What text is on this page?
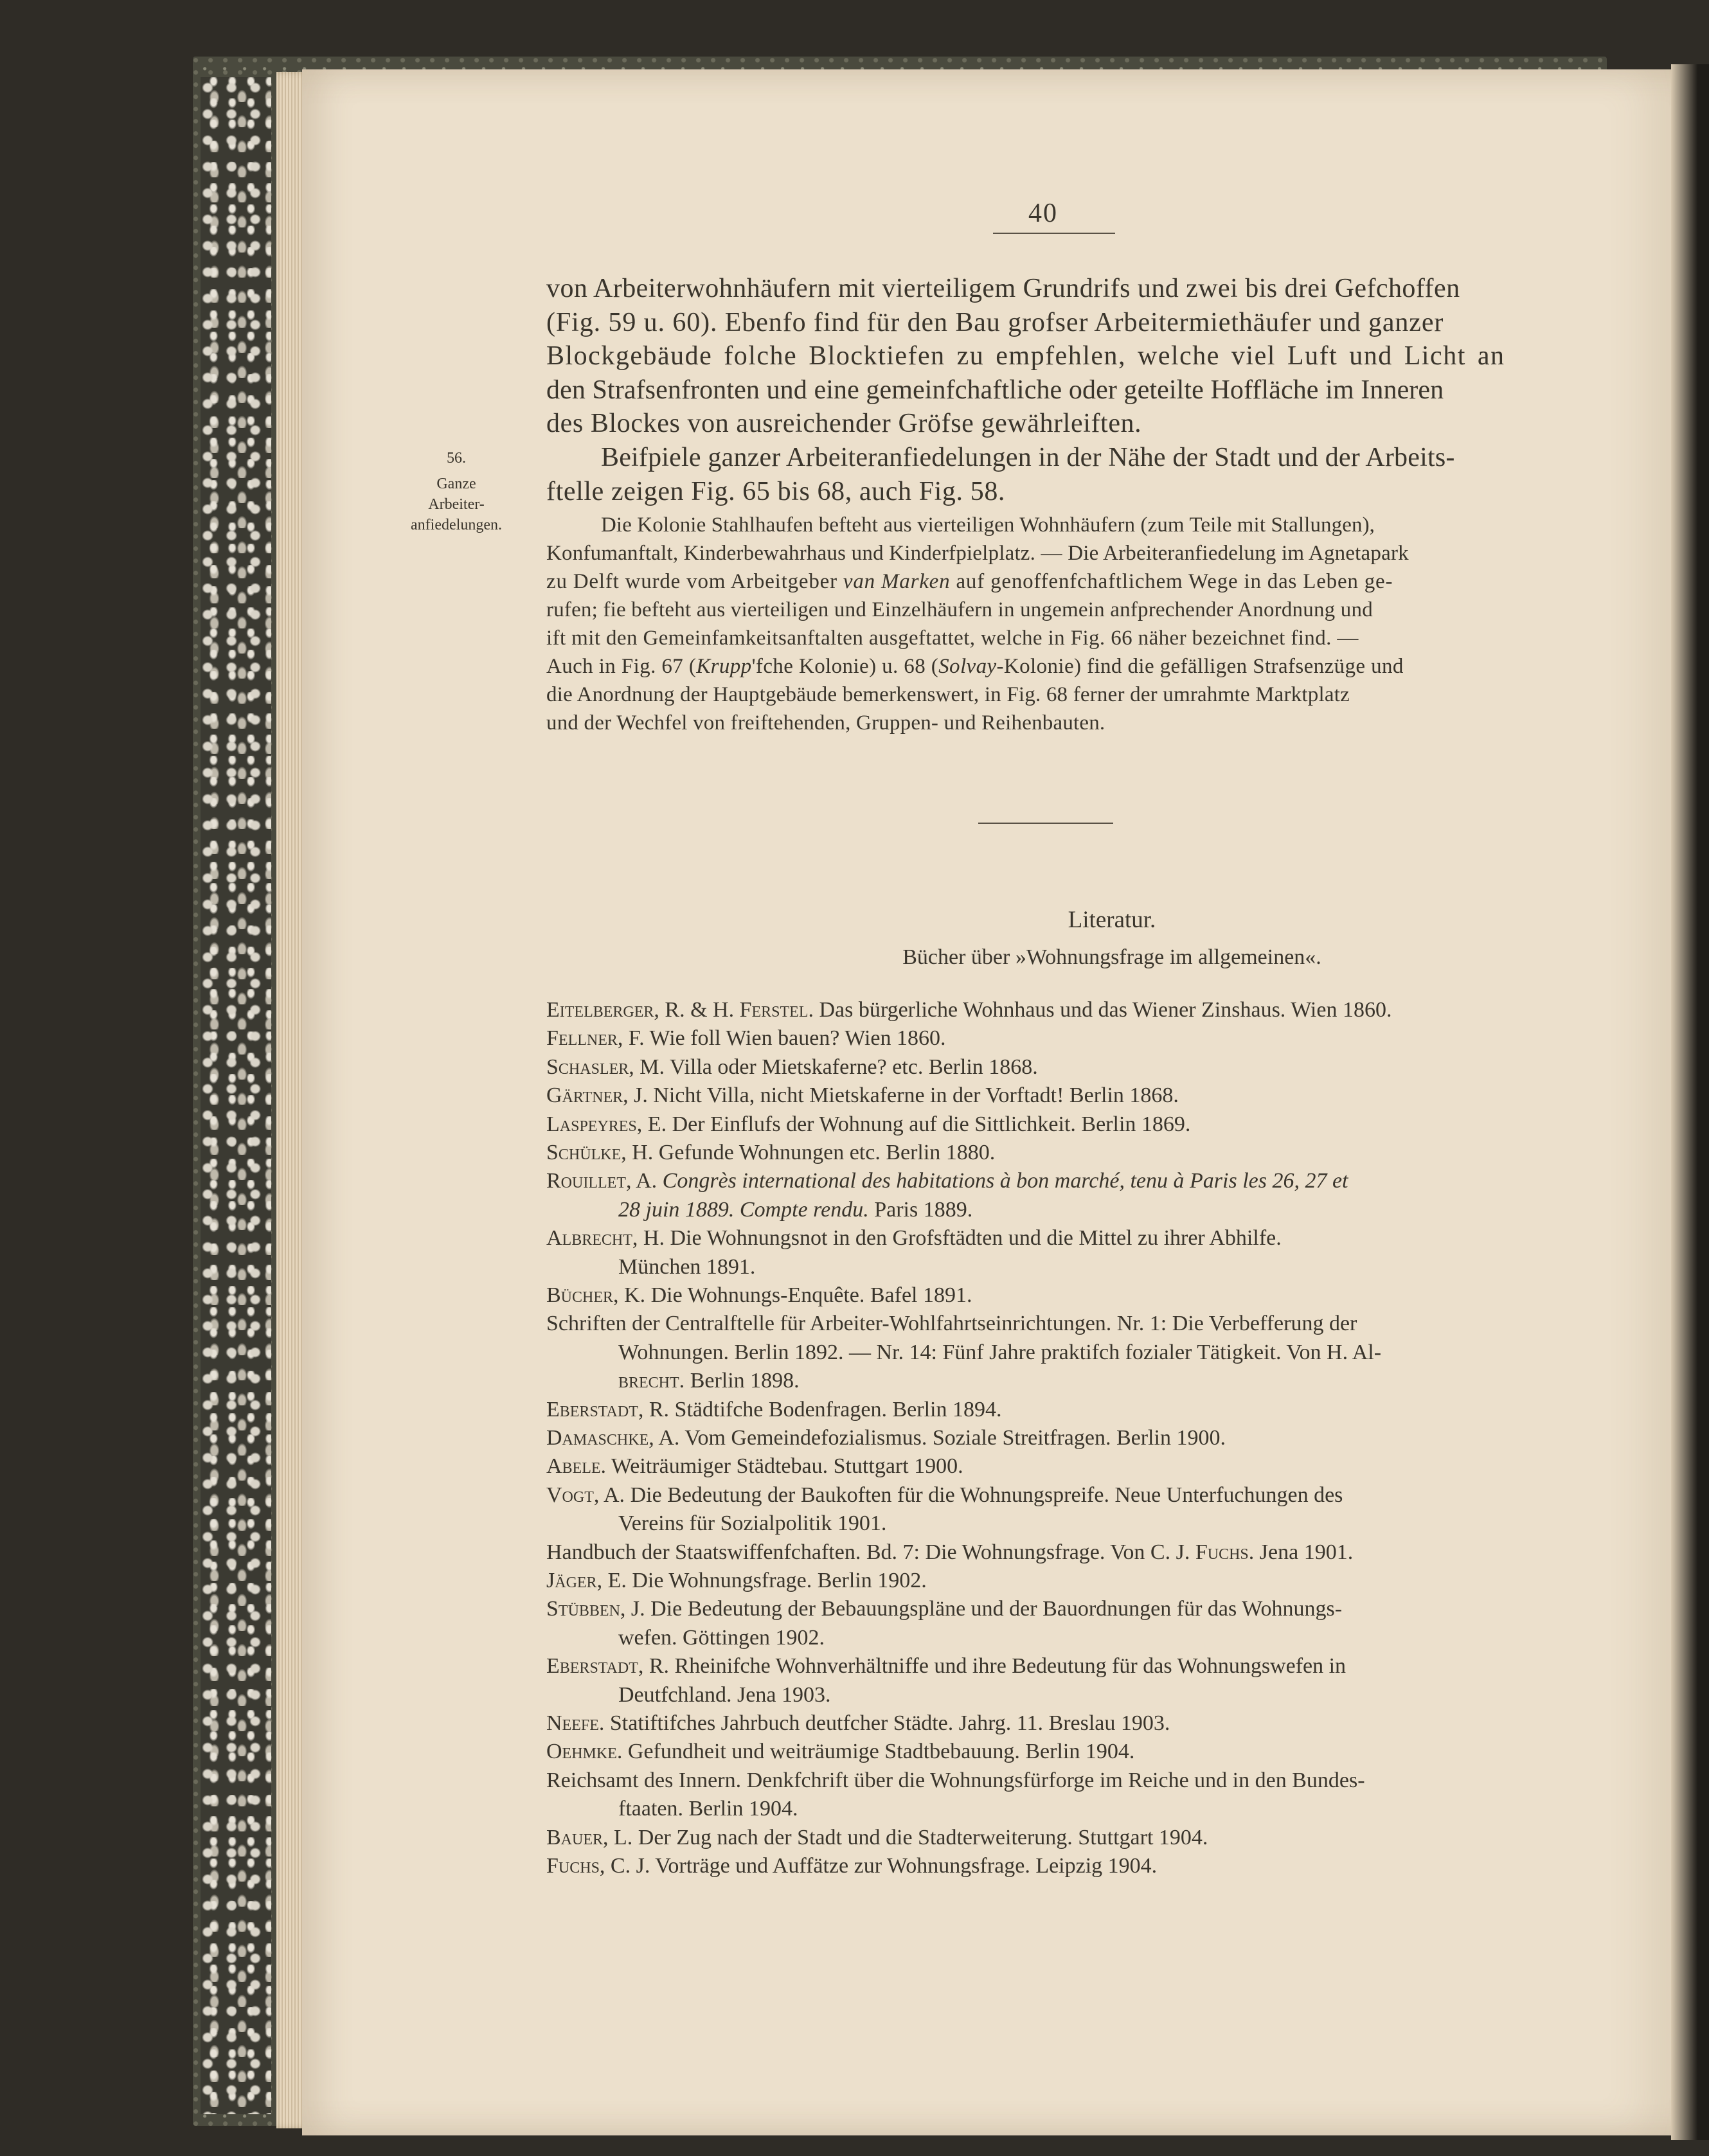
40
von Arbeiterwohnhäufern mit vierteiligem Grundrifs und zwei bis drei Gefchoffen
(Fig. 59 u. 60). Ebenfo find für den Bau grofser Arbeitermiethäufer und ganzer
Blockgebäude folche Blocktiefen zu empfehlen, welche viel Luft und Licht an
den Strafsenfronten und eine gemeinfchaftliche oder geteilte Hoffläche im Inneren
des Blockes von ausreichender Gröfse gewährleiften.
56.
Ganze
Arbeiter-
anfiedelungen.
Beifpiele ganzer Arbeiteranfiedelungen in der Nähe der Stadt und der Arbeits-
ftelle zeigen Fig. 65 bis 68, auch Fig. 58.
Die Kolonie Stahlhaufen befteht aus vierteiligen Wohnhäufern (zum Teile mit Stallungen),
Konfumanftalt, Kinderbewahrhaus und Kinderfpielplatz. — Die Arbeiteranfiedelung im Agnetapark
zu Delft wurde vom Arbeitgeber van Marken auf genoffenfchaftlichem Wege in das Leben ge-
rufen; fie befteht aus vierteiligen und Einzelhäufern in ungemein anfprechender Anordnung und
ift mit den Gemeinfamkeitsanftalten ausgeftattet, welche in Fig. 66 näher bezeichnet find. —
Auch in Fig. 67 (Krupp'fche Kolonie) u. 68 (Solvay-Kolonie) find die gefälligen Strafsenzüge und
die Anordnung der Hauptgebäude bemerkenswert, in Fig. 68 ferner der umrahmte Marktplatz
und der Wechfel von freiftehenden, Gruppen- und Reihenbauten.
Literatur.
Bücher über »Wohnungsfrage im allgemeinen«.
Eitelberger, R. & H. Ferstel. Das bürgerliche Wohnhaus und das Wiener Zinshaus. Wien 1860.
Fellner, F. Wie foll Wien bauen? Wien 1860.
Schasler, M. Villa oder Mietskaferne? etc. Berlin 1868.
Gärtner, J. Nicht Villa, nicht Mietskaferne in der Vorftadt! Berlin 1868.
Laspeyres, E. Der Einflufs der Wohnung auf die Sittlichkeit. Berlin 1869.
Schülke, H. Gefunde Wohnungen etc. Berlin 1880.
Rouillet, A. Congrès international des habitations à bon marché, tenu à Paris les 26, 27 et
28 juin 1889. Compte rendu. Paris 1889.
Albrecht, H. Die Wohnungsnot in den Grofsftädten und die Mittel zu ihrer Abhilfe.
München 1891.
Bücher, K. Die Wohnungs-Enquête. Bafel 1891.
Schriften der Centralftelle für Arbeiter-Wohlfahrtseinrichtungen. Nr. 1: Die Verbefferung der
Wohnungen. Berlin 1892. — Nr. 14: Fünf Jahre praktifch fozialer Tätigkeit. Von H. Al-
brecht. Berlin 1898.
Eberstadt, R. Städtifche Bodenfragen. Berlin 1894.
Damaschke, A. Vom Gemeindefozialismus. Soziale Streitfragen. Berlin 1900.
Abele. Weiträumiger Städtebau. Stuttgart 1900.
Vogt, A. Die Bedeutung der Baukoften für die Wohnungspreife. Neue Unterfuchungen des
Vereins für Sozialpolitik 1901.
Handbuch der Staatswiffenfchaften. Bd. 7: Die Wohnungsfrage. Von C. J. Fuchs. Jena 1901.
Jäger, E. Die Wohnungsfrage. Berlin 1902.
Stübben, J. Die Bedeutung der Bebauungspläne und der Bauordnungen für das Wohnungs-
wefen. Göttingen 1902.
Eberstadt, R. Rheinifche Wohnverhältniffe und ihre Bedeutung für das Wohnungswefen in
Deutfchland. Jena 1903.
Neefe. Statiftifches Jahrbuch deutfcher Städte. Jahrg. 11. Breslau 1903.
Oehmke. Gefundheit und weiträumige Stadtbebauung. Berlin 1904.
Reichsamt des Innern. Denkfchrift über die Wohnungsfürforge im Reiche und in den Bundes-
ftaaten. Berlin 1904.
Bauer, L. Der Zug nach der Stadt und die Stadterweiterung. Stuttgart 1904.
Fuchs, C. J. Vorträge und Auffätze zur Wohnungsfrage. Leipzig 1904.
